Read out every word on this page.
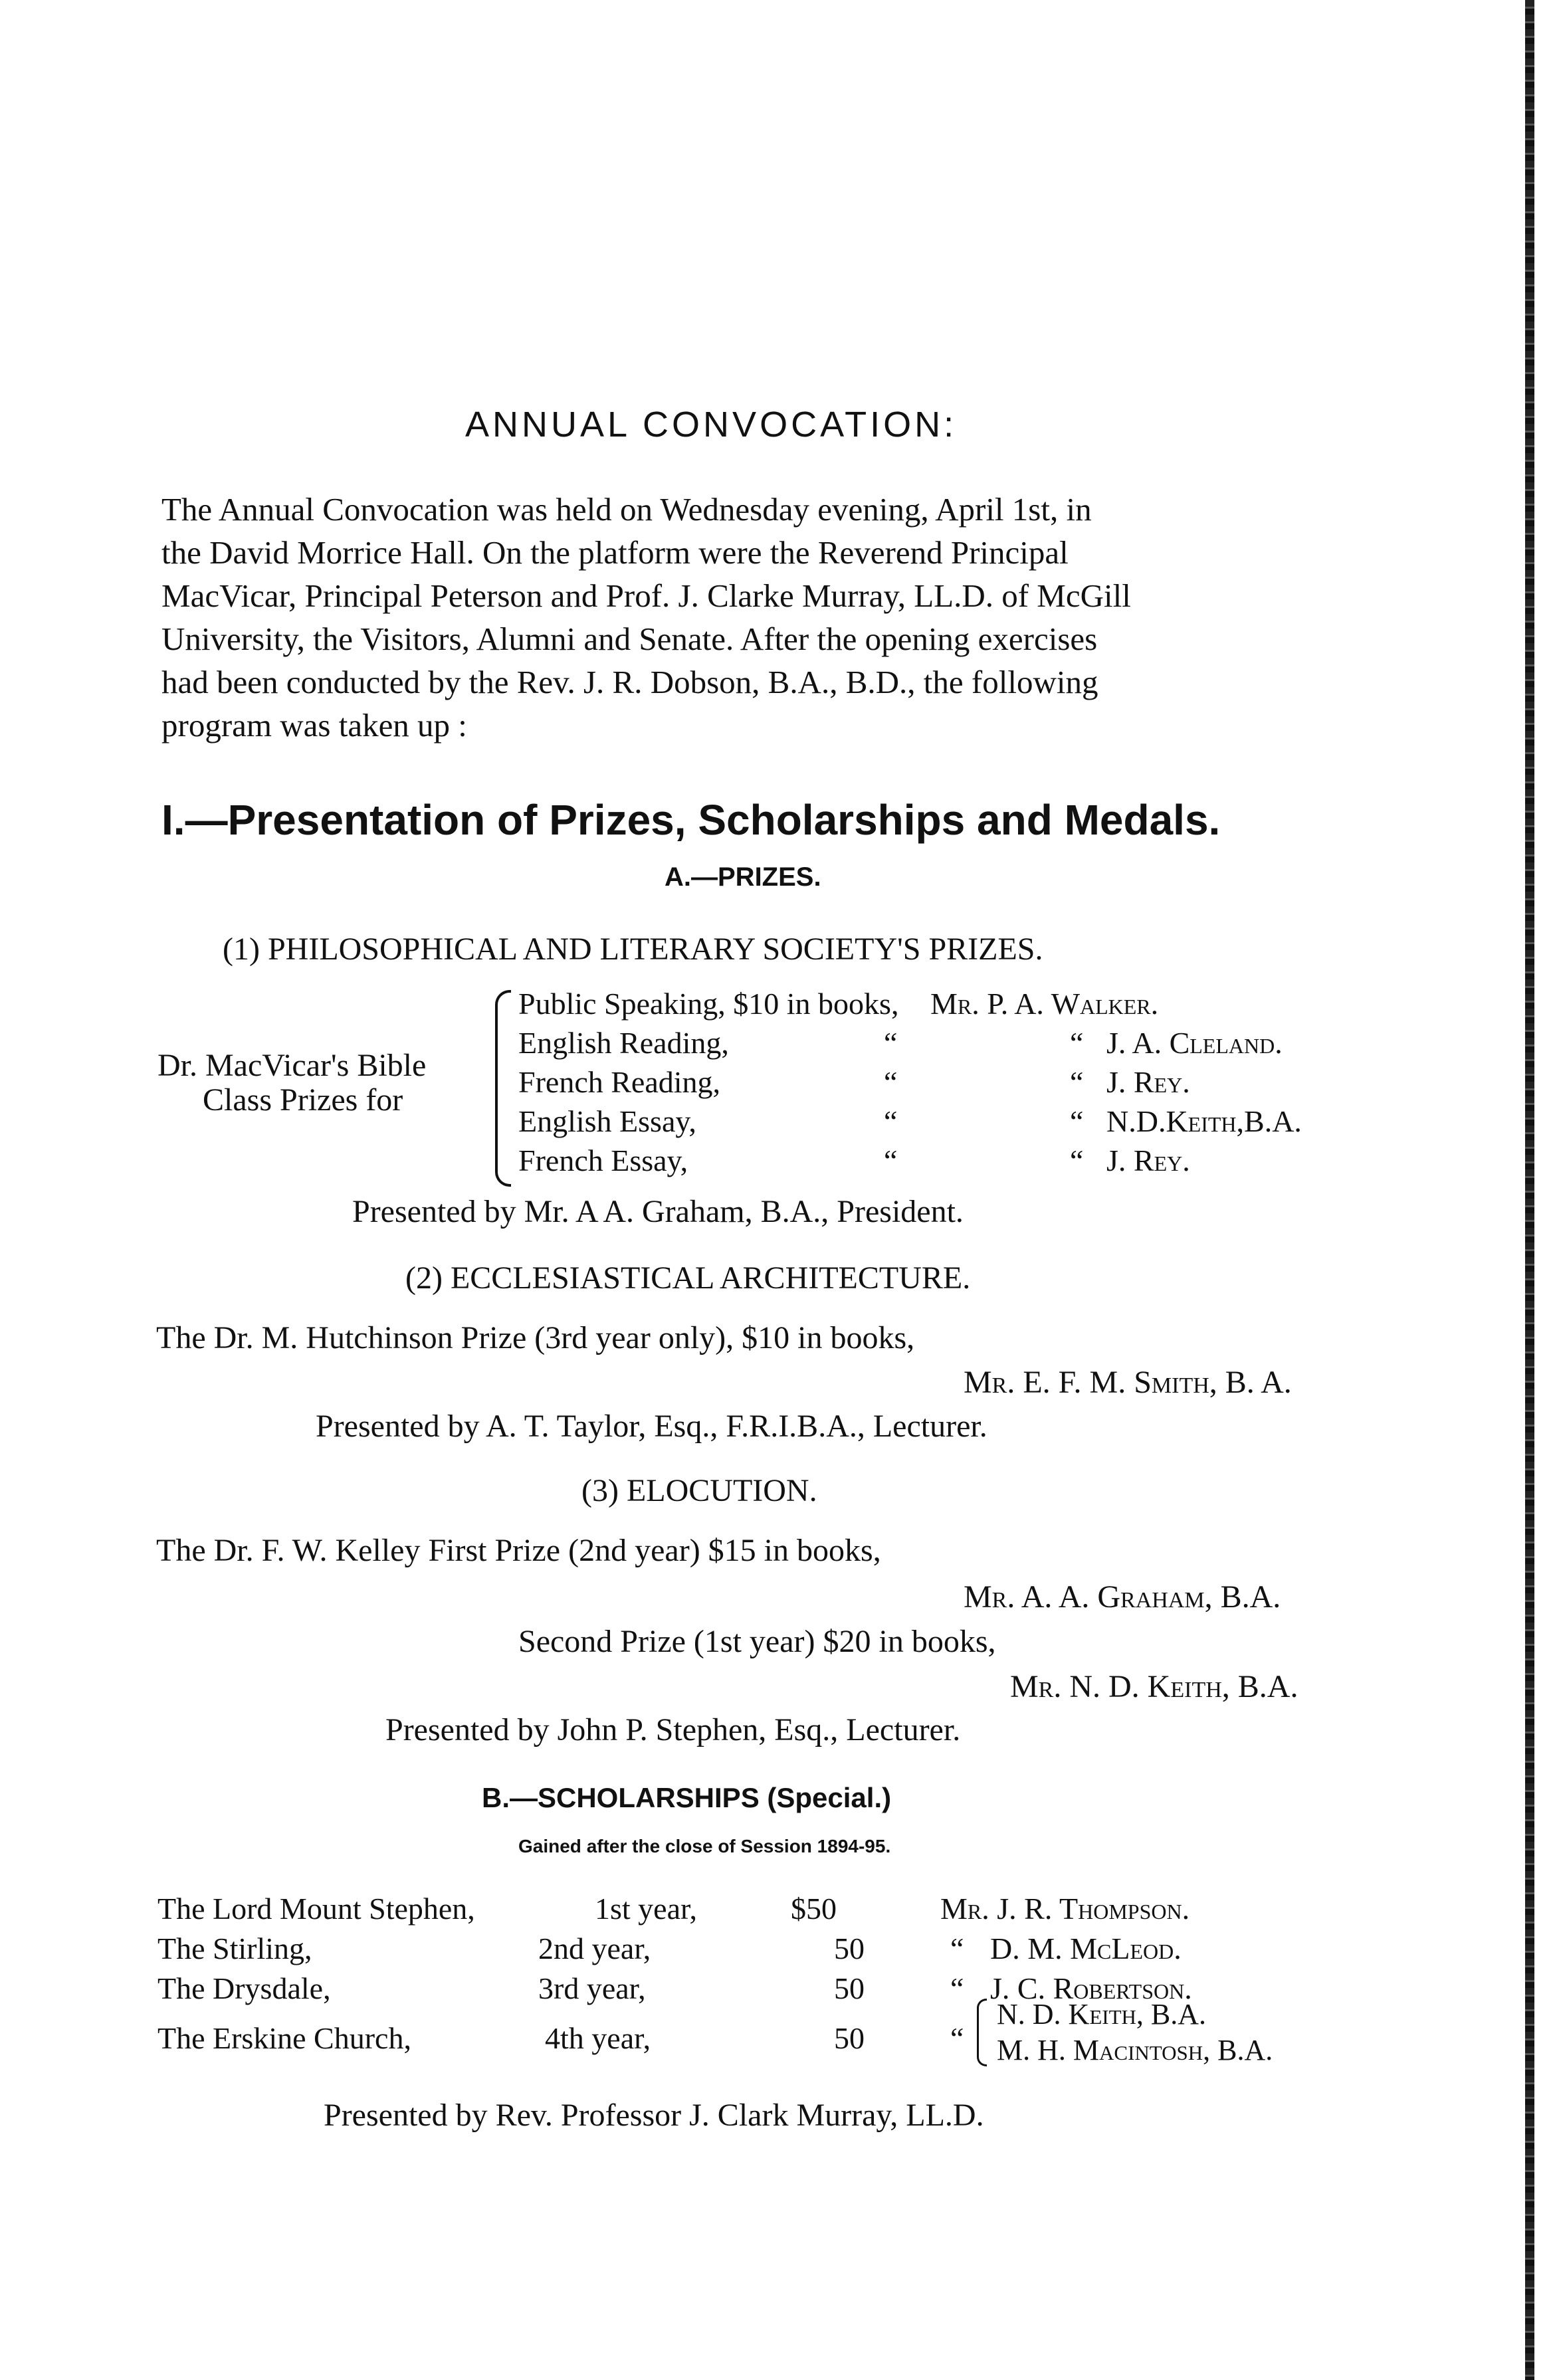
ANNUAL CONVOCATION:
The Annual Convocation was held on Wednesday evening, April 1st, in
the David Morrice Hall. On the platform were the Reverend Principal
MacVicar, Principal Peterson and Prof. J. Clarke Murray, LL.D. of McGill
University, the Visitors, Alumni and Senate. After the opening exercises
had been conducted by the Rev. J. R. Dobson, B.A., B.D., the following
program was taken up :
I.—Presentation of Prizes, Scholarships and Medals.
A.—PRIZES.
(1) PHILOSOPHICAL AND LITERARY SOCIETY'S PRIZES.
Dr. MacVicar's Bible
Class Prizes for
Public Speaking, $10 in books, Mr. P. A. Walker.
English Reading,	“	“ J. A. Cleland.
French Reading,	“	“ J. Rey.
English Essay,	“	“ N.D.Keith,B.A.
French Essay,	“	“ J. Rey.
Presented by Mr. A A. Graham, B.A., President.
(2) ECCLESIASTICAL ARCHITECTURE.
The Dr. M. Hutchinson Prize (3rd year only), $10 in books,
Mr. E. F. M. Smith, B. A.
Presented by A. T. Taylor, Esq., F.R.I.B.A., Lecturer.
(3) ELOCUTION.
The Dr. F. W. Kelley First Prize (2nd year) $15 in books,
Mr. A. A. Graham, B.A.
Second Prize (1st year) $20 in books,
Mr. N. D. Keith, B.A.
Presented by John P. Stephen, Esq., Lecturer.
B.—SCHOLARSHIPS (Special.)
Gained after the close of Session 1894-95.
The Lord Mount Stephen,	1st year,	$50	Mr. J. R. Thompson.
The Stirling,	2nd year,	50	“ D. M. McLeod.
The Drysdale,	3rd year,	50	“ J. C. Robertson.
The Erskine Church,	4th year,	50	“
N. D. Keith, B.A.
M. H. Macintosh, B.A.
Presented by Rev. Professor J. Clark Murray, LL.D.
